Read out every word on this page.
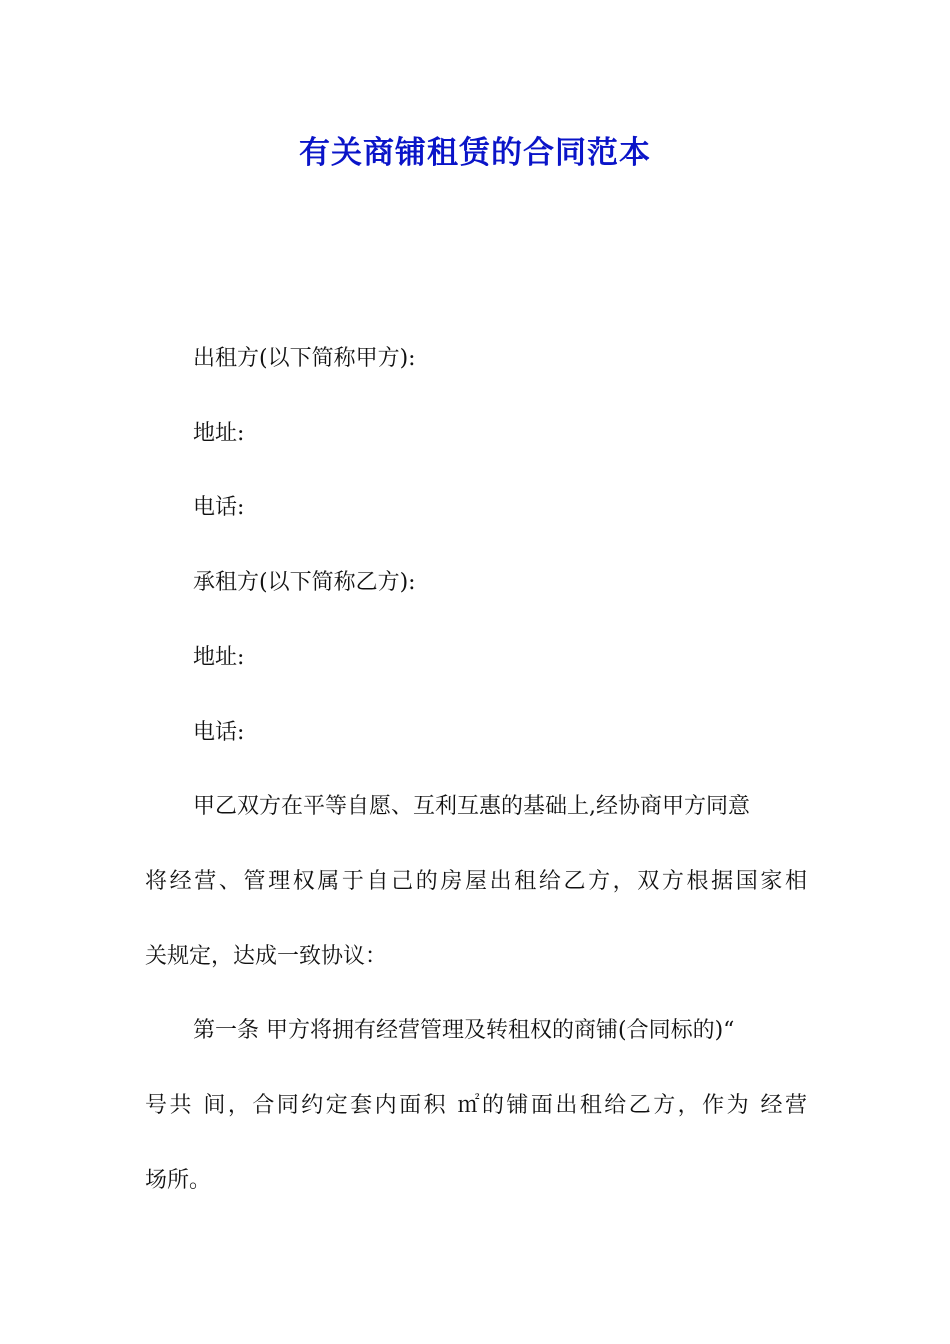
有关商铺租赁的合同范本

出租方(以下简称甲方):

地址:

电话:

承租方(以下简称乙方):

地址:

电话:

甲乙双方在平等自愿、互利互惠的基础上,经协商甲方同意

将经营、管理权属于自己的房屋出租给乙方，双方根据国家相

关规定，达成一致协议：

第一条 甲方将拥有经营管理及转租权的商铺(合同标的)“

号共 间，合同约定套内面积 ㎡的铺面出租给乙方，作为 经营

场所。
